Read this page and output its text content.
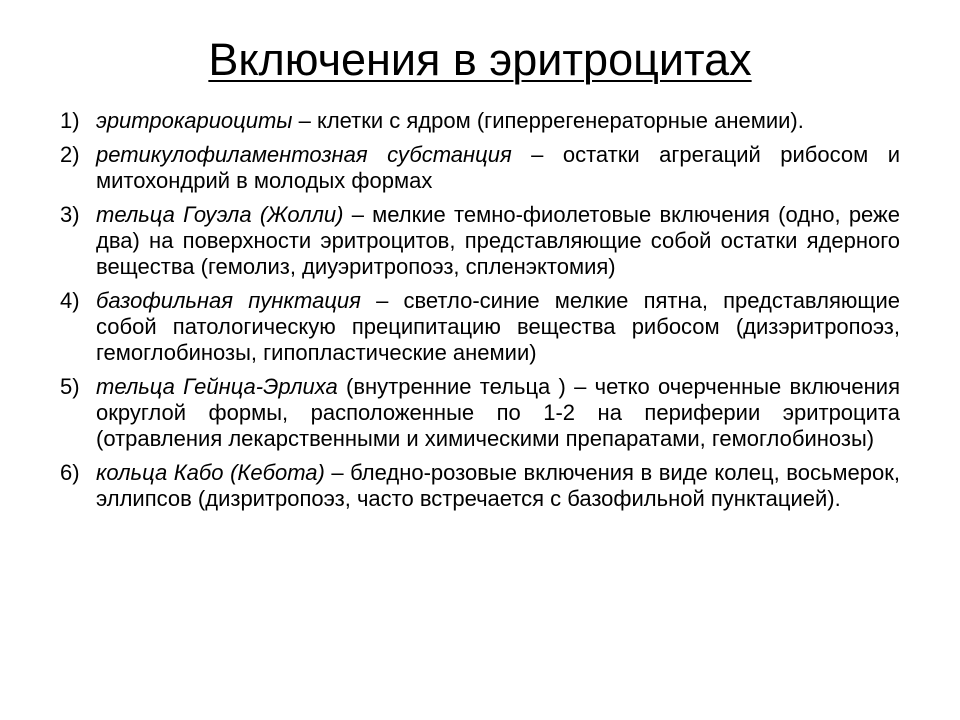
Включения в эритроцитах
1) эритрокариоциты – клетки с ядром (гиперрегенераторные анемии).
2) ретикулофиламентозная субстанция – остатки агрегаций рибосом и митохондрий в молодых формах
3) тельца Гоуэла (Жолли) – мелкие темно-фиолетовые включения (одно, реже два) на поверхности эритроцитов, представляющие собой остатки ядерного вещества (гемолиз, диуэритропоэз, спленэктомия)
4) базофильная пунктация – светло-синие мелкие пятна, представляющие собой патологическую преципитацию вещества рибосом (дизэритропоэз, гемоглобинозы, гипопластические анемии)
5) тельца Гейнца-Эрлиха (внутренние тельца ) – четко очерченные включения округлой формы, расположенные по 1-2 на периферии эритроцита (отравления лекарственными и химическими препаратами, гемоглобинозы)
6) кольца Кабо (Кебота) – бледно-розовые включения в виде колец, восьмерок, эллипсов (дизритропоэз, часто встречается с базофильной пунктацией).
